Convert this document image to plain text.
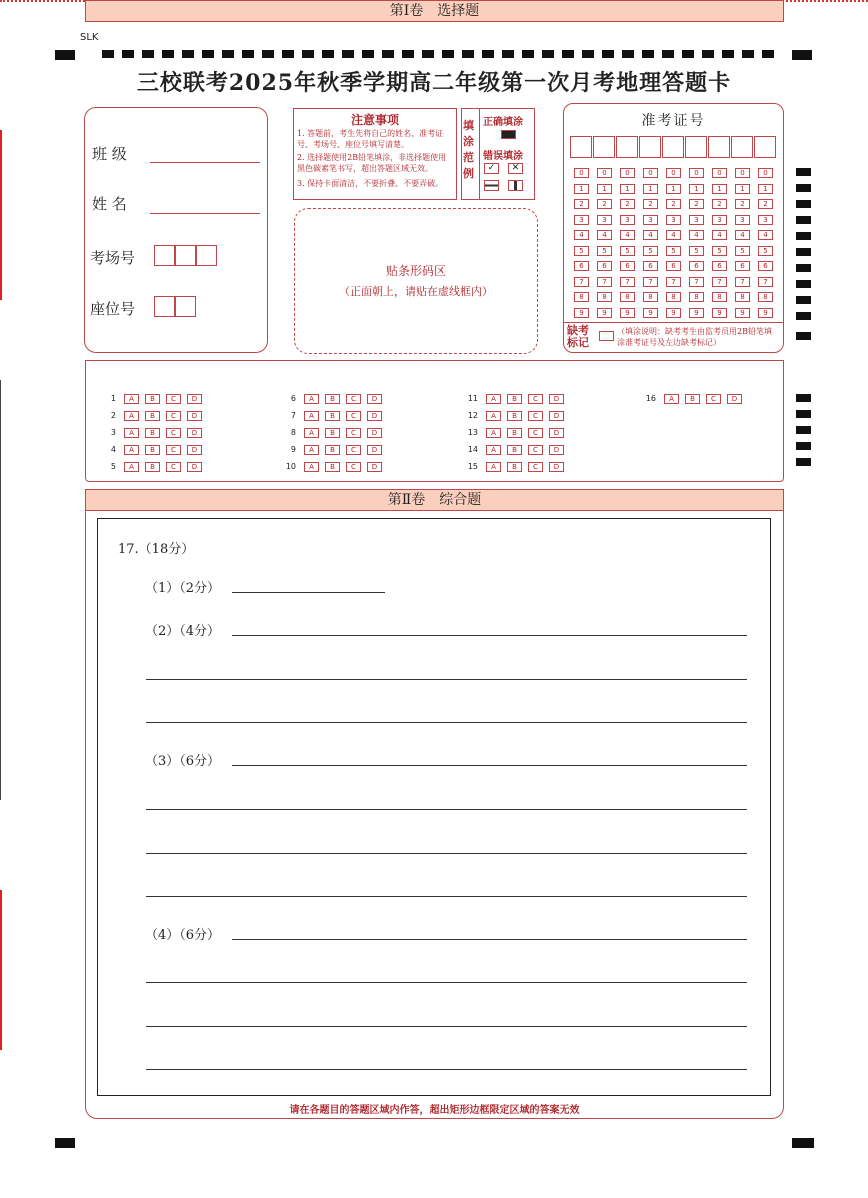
SLK
三校联考2025年秋季学期高二年级第一次月考地理答题卡
班 级
姓 名
考场号
座位号
注意事项
1. 答题前，考生先将自己的姓名、准考证号、考场号、座位号填写清楚。
2. 选择题使用2B铅笔填涂，非选择题使用黑色碳素笔书写，超出答题区域无效。
3. 保持卡面清洁，不要折叠、不要弄破。
填涂范例
正确填涂
错误填涂
✓	✕
贴条形码区
（正面朝上，请贴在虚线框内）
准考证号
0	0	0	0	0	0	0	0	0
1	1	1	1	1	1	1	1	1
2	2	2	2	2	2	2	2	2
3	3	3	3	3	3	3	3	3
4	4	4	4	4	4	4	4	4
5	5	5	5	5	5	5	5	5
6	6	6	6	6	6	6	6	6
7	7	7	7	7	7	7	7	7
8	8	8	8	8	8	8	8	8
9	9	9	9	9	9	9	9	9
缺考标记
（填涂说明：缺考考生由监考员用2B铅笔填涂准考证号及左边缺考标记）
第Ⅰ卷　选择题
1 A B C D
2 A B C D
3 A B C D
4 A B C D
5 A B C D
6 A B C D
7 A B C D
8 A B C D
9 A B C D
10 A B C D
11 A B C D
12 A B C D
13 A B C D
14 A B C D
15 A B C D
16 A B C D
第Ⅱ卷　综合题
17.（18分）
（1）（2分）
（2）（4分）
（3）（6分）
（4）（6分）
请在各题目的答题区域内作答，超出矩形边框限定区域的答案无效
